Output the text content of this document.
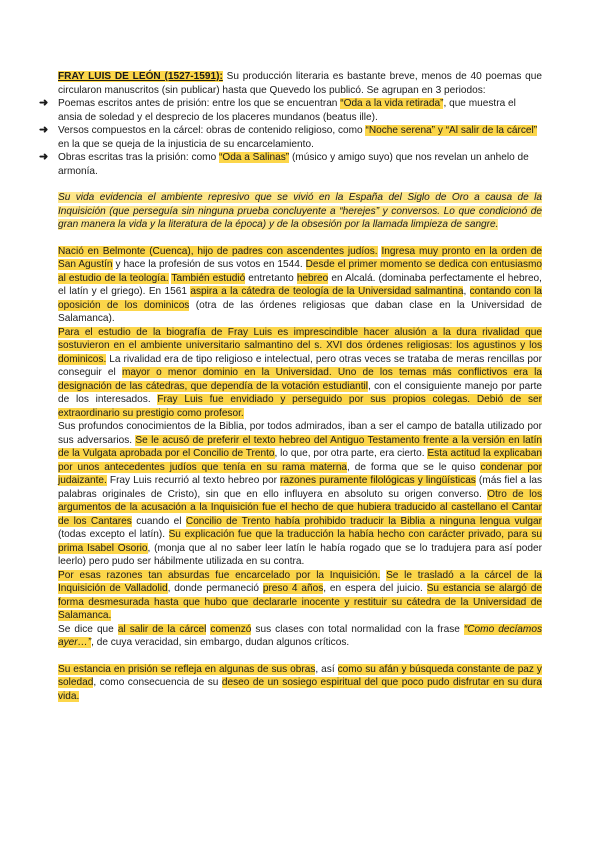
FRAY LUIS DE LEÓN (1527-1591): Su producción literaria es bastante breve, menos de 40 poemas que circularon manuscritos (sin publicar) hasta que Quevedo los publicó. Se agrupan en 3 periodos:

➜ Poemas escritos antes de prisión: entre los que se encuentran “Oda a la vida retirada”, que muestra el ansia de soledad y el desprecio de los placeres mundanos (beatus ille).
➜ Versos compuestos en la cárcel: obras de contenido religioso, como “Noche serena” y “Al salir de la cárcel” en la que se queja de la injusticia de su encarcelamiento.
➜ Obras escritas tras la prisión: como “Oda a Salinas” (músico y amigo suyo) que nos revelan un anhelo de armonía.

Su vida evidencia el ambiente represivo que se vivió en la España del Siglo de Oro a causa de la Inquisición (que perseguía sin ninguna prueba concluyente a “herejes” y conversos. Lo que condicionó de gran manera la vida y la literatura de la época) y de la obsesión por la llamada limpieza de sangre.

Nació en Belmonte (Cuenca), hijo de padres con ascendentes judíos. Ingresa muy pronto en la orden de San Agustín y hace la profesión de sus votos en 1544. Desde el primer momento se dedica con entusiasmo al estudio de la teología. También estudió entretanto hebreo en Alcalá. (dominaba perfectamente el hebreo, el latín y el griego). En 1561 aspira a la cátedra de teología de la Universidad salmantina, contando con la oposición de los dominicos (otra de las órdenes religiosas que daban clase en la Universidad de Salamanca).

Para el estudio de la biografía de Fray Luis es imprescindible hacer alusión a la dura rivalidad que sostuvieron en el ambiente universitario salmantino del s. XVI dos órdenes religiosas: los agustinos y los dominicos. La rivalidad era de tipo religioso e intelectual, pero otras veces se trataba de meras rencillas por conseguir el mayor o menor dominio en la Universidad. Uno de los temas más conflictivos era la designación de las cátedras, que dependía de la votación estudiantil, con el consiguiente manejo por parte de los interesados. Fray Luis fue envidiado y perseguido por sus propios colegas. Debió de ser extraordinario su prestigio como profesor.

Sus profundos conocimientos de la Biblia, por todos admirados, iban a ser el campo de batalla utilizado por sus adversarios. Se le acusó de preferir el texto hebreo del Antiguo Testamento frente a la versión en latín de la Vulgata aprobada por el Concilio de Trento, lo que, por otra parte, era cierto. Esta actitud la explicaban por unos antecedentes judíos que tenía en su rama materna, de forma que se le quiso condenar por judaizante. Fray Luis recurrió al texto hebreo por razones puramente filológicas y lingüísticas (más fiel a las palabras originales de Cristo), sin que en ello influyera en absoluto su origen converso. Otro de los argumentos de la acusación a la Inquisición fue el hecho de que hubiera traducido al castellano el Cantar de los Cantares cuando el Concilio de Trento había prohibido traducir la Biblia a ninguna lengua vulgar (todas excepto el latín). Su explicación fue que la traducción la había hecho con carácter privado, para su prima Isabel Osorio, (monja que al no saber leer latín le había rogado que se lo tradujera para así poder leerlo) pero pudo ser hábilmente utilizada en su contra.

Por esas razones tan absurdas fue encarcelado por la Inquisición. Se le trasladó a la cárcel de la Inquisición de Valladolid, donde permaneció preso 4 años, en espera del juicio. Su estancia se alargó de forma desmesurada hasta que hubo que declararle inocente y restituir su cátedra de la Universidad de Salamanca.

Se dice que al salir de la cárcel comenzó sus clases con total normalidad con la frase “Como decíamos ayer…”, de cuya veracidad, sin embargo, dudan algunos críticos.

Su estancia en prisión se refleja en algunas de sus obras, así como su afán y búsqueda constante de paz y soledad, como consecuencia de su deseo de un sosiego espiritual del que poco pudo disfrutar en su dura vida.
